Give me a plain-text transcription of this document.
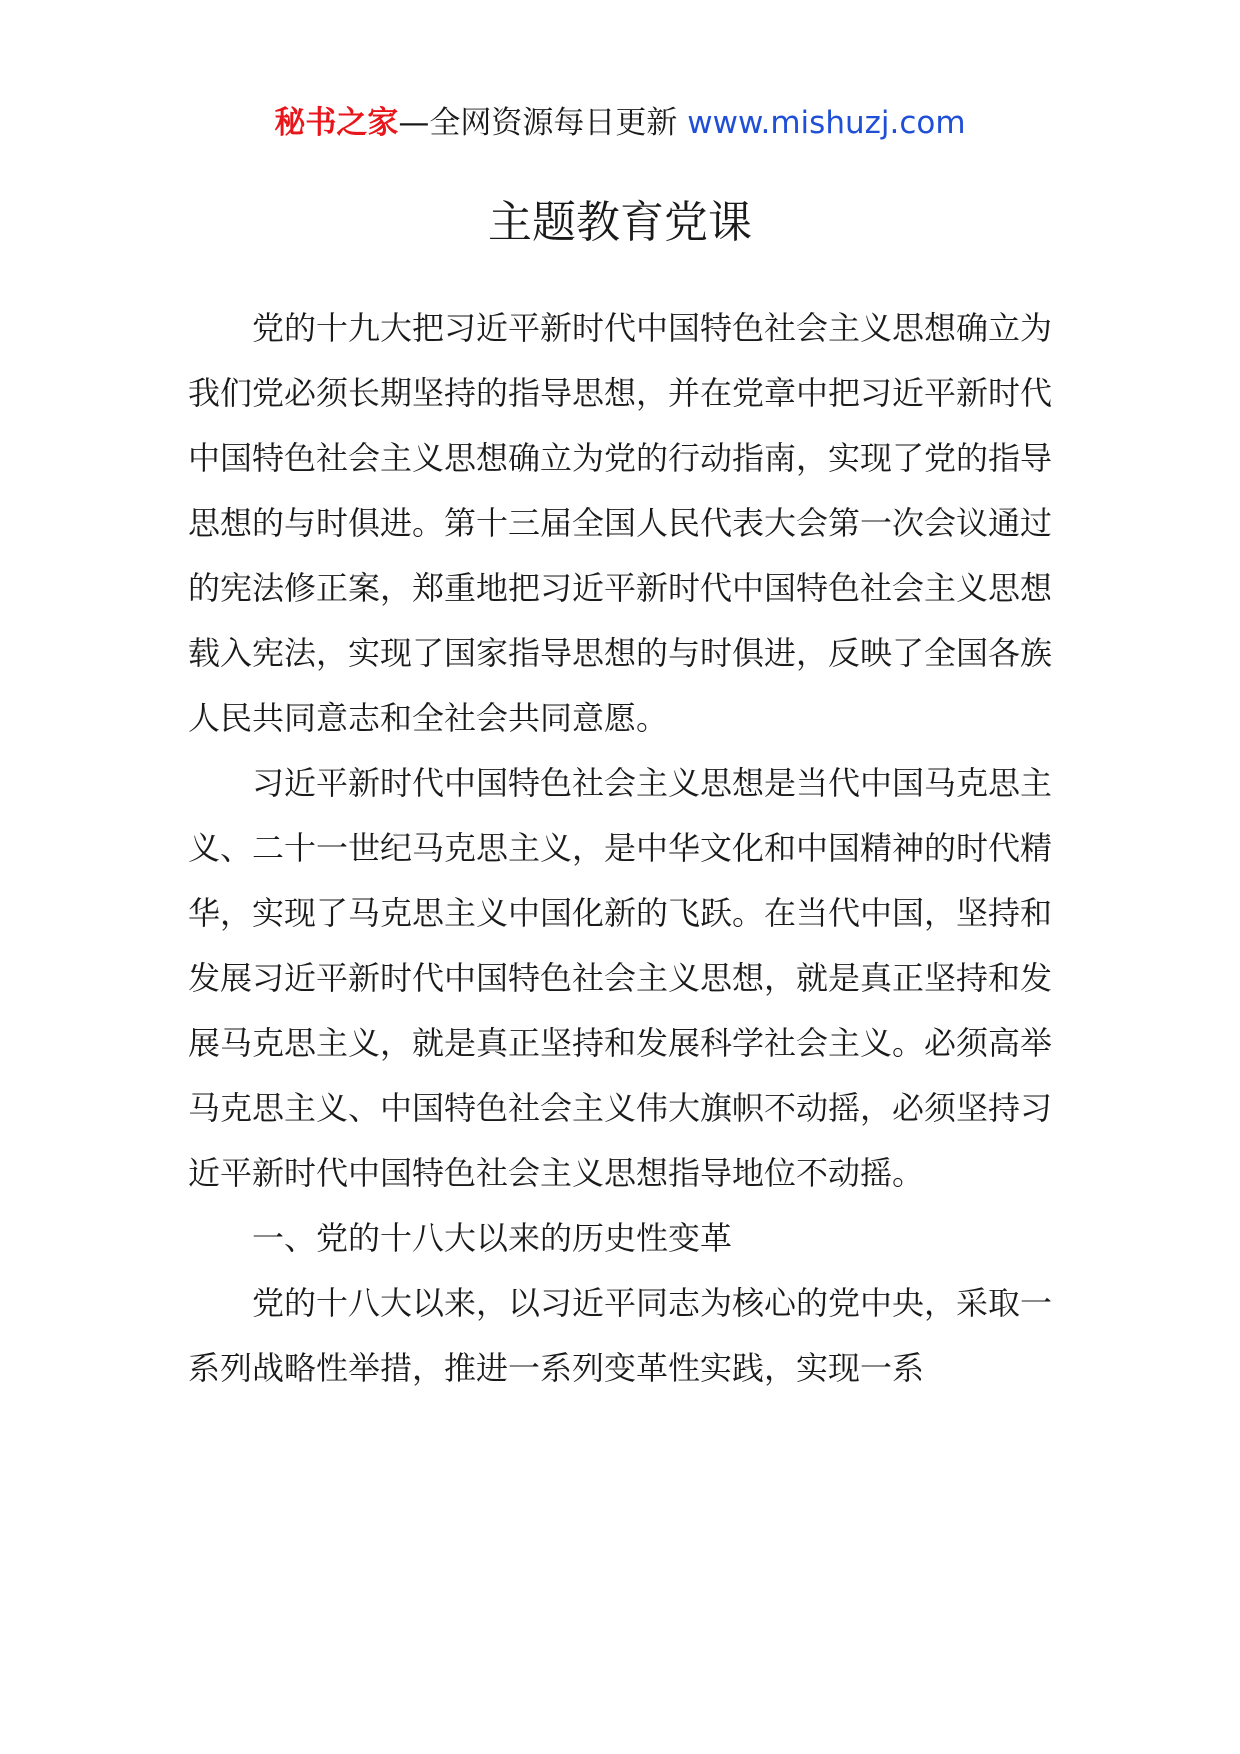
秘书之家—全网资源每日更新 www.mishuzj.com
主题教育党课

党的十九大把习近平新时代中国特色社会主义思想确立为我们党必须长期坚持的指导思想，并在党章中把习近平新时代中国特色社会主义思想确立为党的行动指南，实现了党的指导思想的与时俱进。第十三届全国人民代表大会第一次会议通过的宪法修正案，郑重地把习近平新时代中国特色社会主义思想载入宪法，实现了国家指导思想的与时俱进，反映了全国各族人民共同意志和全社会共同意愿。

习近平新时代中国特色社会主义思想是当代中国马克思主义、二十一世纪马克思主义，是中华文化和中国精神的时代精华，实现了马克思主义中国化新的飞跃。在当代中国，坚持和发展习近平新时代中国特色社会主义思想，就是真正坚持和发展马克思主义，就是真正坚持和发展科学社会主义。必须高举马克思主义、中国特色社会主义伟大旗帜不动摇，必须坚持习近平新时代中国特色社会主义思想指导地位不动摇。

一、党的十八大以来的历史性变革

党的十八大以来，以习近平同志为核心的党中央，采取一系列战略性举措，推进一系列变革性实践，实现一系
